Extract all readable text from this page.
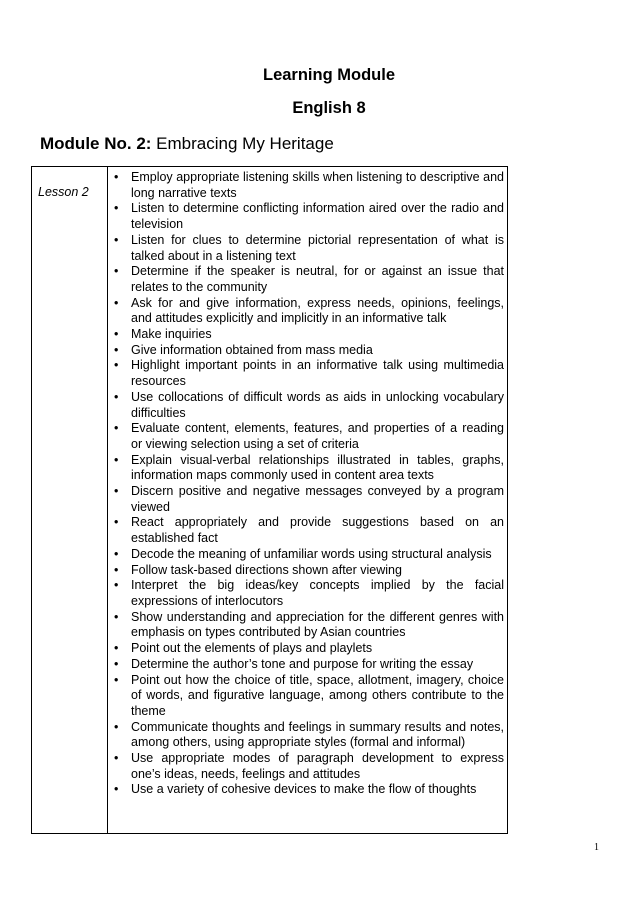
Learning Module
English 8
Module No. 2: Embracing My Heritage
Lesson 2
• Employ appropriate listening skills when listening to descriptive and long narrative texts
• Listen to determine conflicting information aired over the radio and television
• Listen for clues to determine pictorial representation of what is talked about in a listening text
• Determine if the speaker is neutral, for or against an issue that relates to the community
• Ask for and give information, express needs, opinions, feelings, and attitudes explicitly and implicitly in an informative talk
• Make inquiries
• Give information obtained from mass media
• Highlight important points in an informative talk using multimedia resources
• Use collocations of difficult words as aids in unlocking vocabulary difficulties
• Evaluate content, elements, features, and properties of a reading or viewing selection using a set of criteria
• Explain visual-verbal relationships illustrated in tables, graphs, information maps commonly used in content area texts
• Discern positive and negative messages conveyed by a program viewed
• React appropriately and provide suggestions based on an established fact
• Decode the meaning of unfamiliar words using structural analysis
• Follow task-based directions shown after viewing
• Interpret the big ideas/key concepts implied by the facial expressions of interlocutors
• Show understanding and appreciation for the different genres with emphasis on types contributed by Asian countries
• Point out the elements of plays and playlets
• Determine the author’s tone and purpose for writing the essay
• Point out how the choice of title, space, allotment, imagery, choice of words, and figurative language, among others contribute to the theme
• Communicate thoughts and feelings in summary results and notes, among others, using appropriate styles (formal and informal)
• Use appropriate modes of paragraph development to express one’s ideas, needs, feelings and attitudes
• Use a variety of cohesive devices to make the flow of thoughts
1
